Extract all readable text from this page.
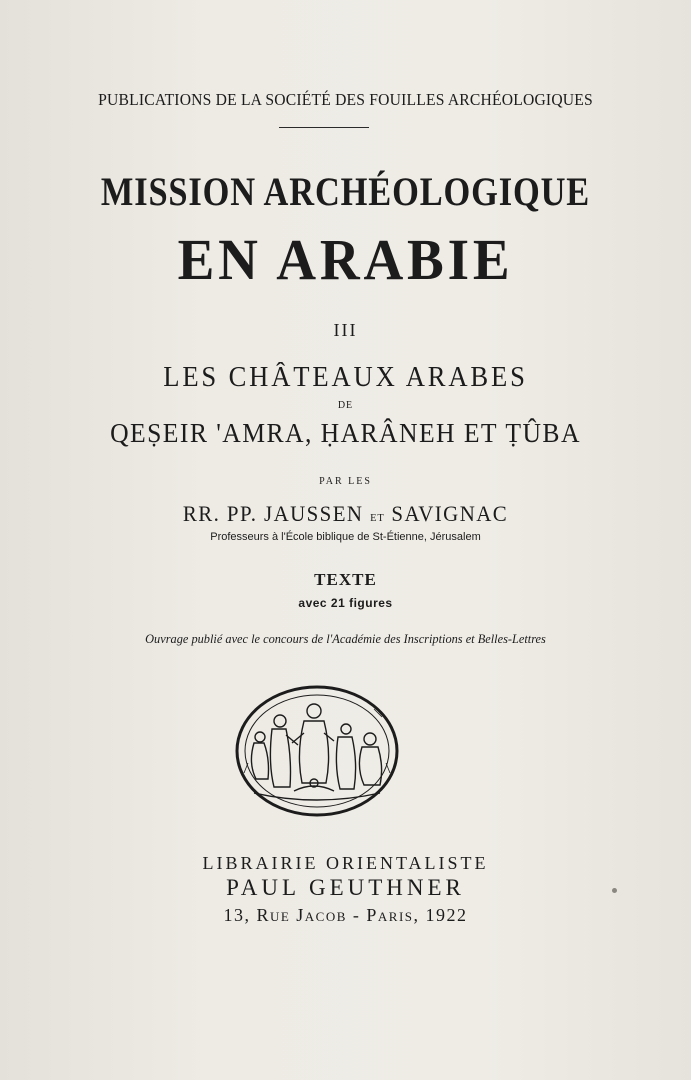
PUBLICATIONS DE LA SOCIÉTÉ DES FOUILLES ARCHÉOLOGIQUES
MISSION ARCHÉOLOGIQUE
EN ARABIE
III
LES CHÂTEAUX ARABES
DE
QEṢEIR 'AMRA, ḤARÂNEH ET ṬÛBA
PAR LES
RR. PP. JAUSSEN ET SAVIGNAC
Professeurs à l'École biblique de St-Étienne, Jérusalem
TEXTE
avec 21 figures
Ouvrage publié avec le concours de l'Académie des Inscriptions et Belles-Lettres
LIBRAIRIE ORIENTALISTE
PAUL GEUTHNER
13, Rue Jacob - Paris, 1922
